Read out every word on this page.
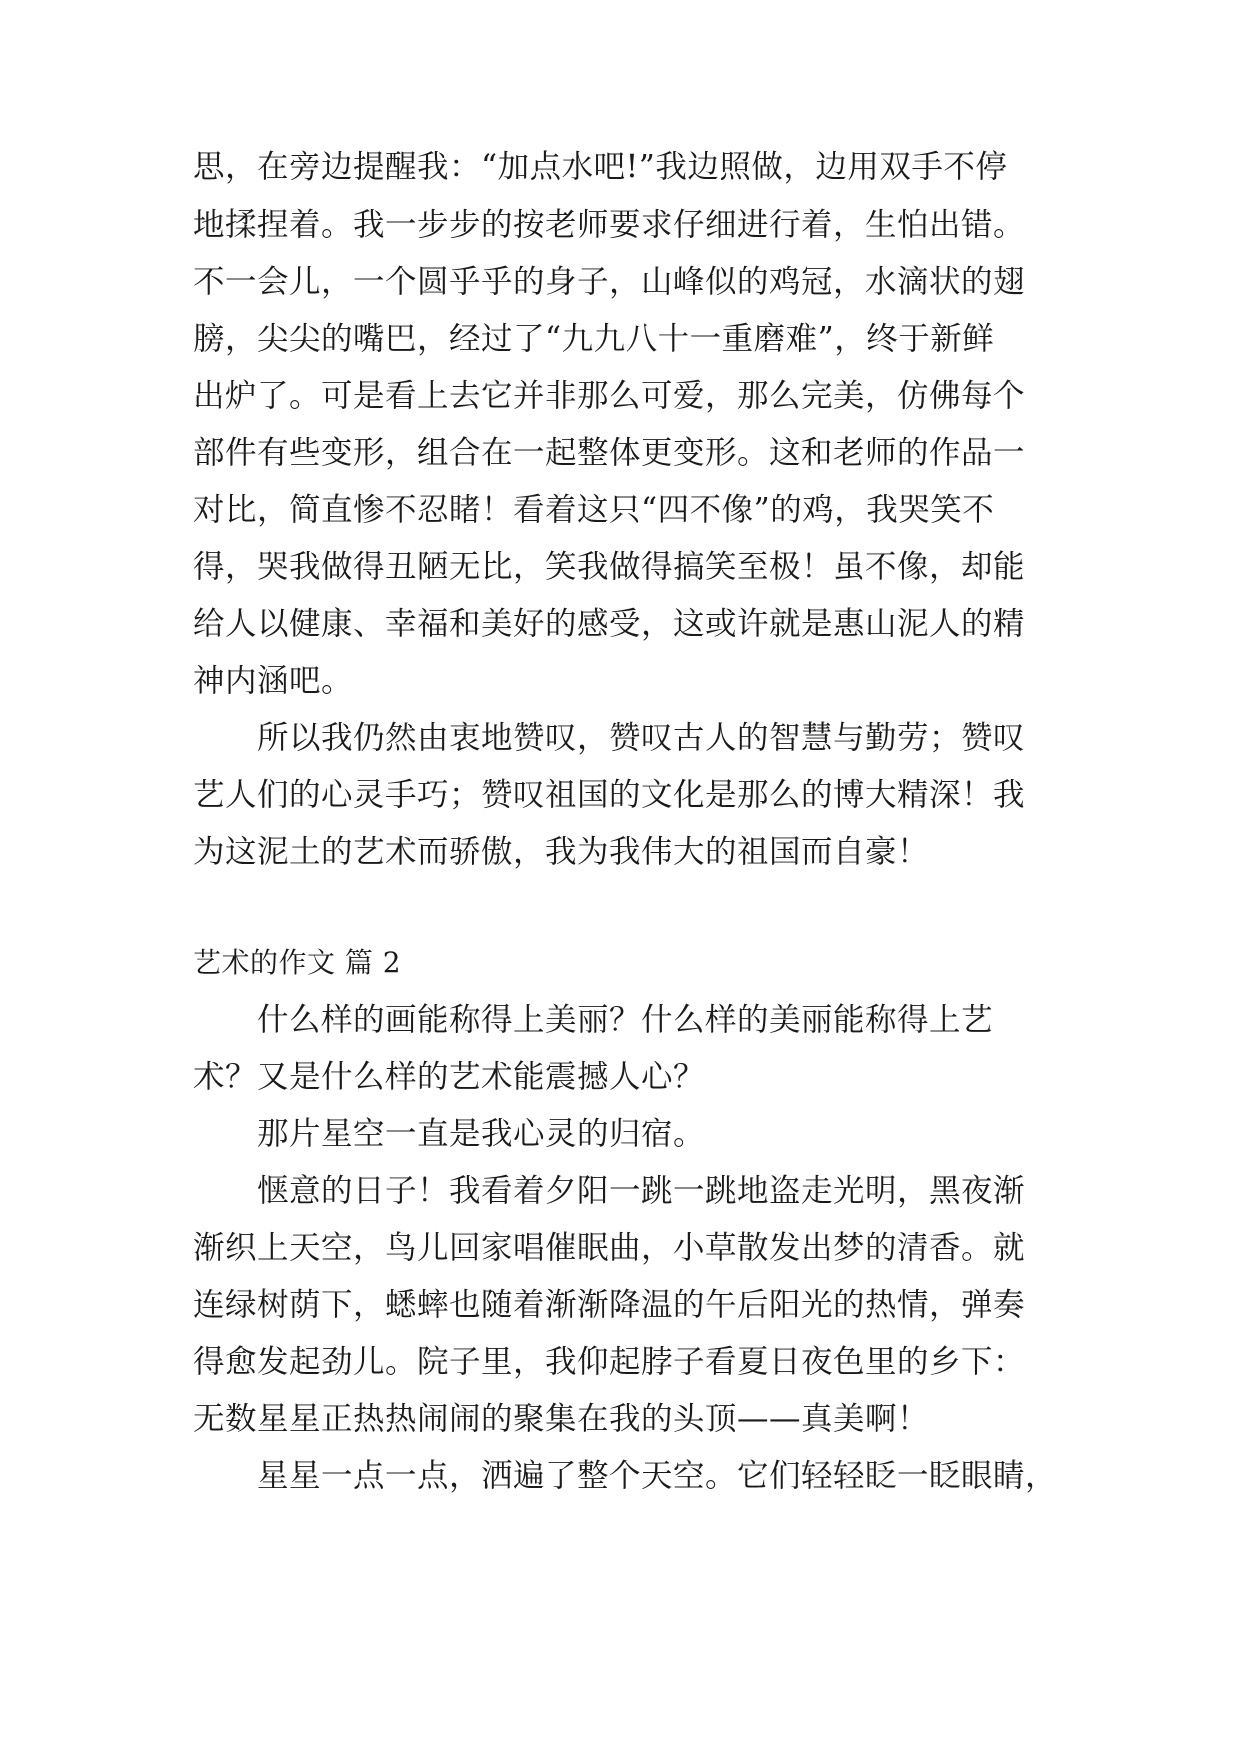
思，在旁边提醒我：“加点水吧!”我边照做，边用双手不停

地揉捏着。我一步步的按老师要求仔细进行着，生怕出错。

不一会儿，一个圆乎乎的身子，山峰似的鸡冠，水滴状的翅

膀，尖尖的嘴巴，经过了“九九八十一重磨难”，终于新鲜

出炉了。可是看上去它并非那么可爱，那么完美，仿佛每个

部件有些变形，组合在一起整体更变形。这和老师的作品一

对比，简直惨不忍睹！看着这只“四不像”的鸡，我哭笑不

得，哭我做得丑陋无比，笑我做得搞笑至极！虽不像，却能

给人以健康、幸福和美好的感受，这或许就是惠山泥人的精

神内涵吧。

所以我仍然由衷地赞叹，赞叹古人的智慧与勤劳；赞叹

艺人们的心灵手巧；赞叹祖国的文化是那么的博大精深！我

为这泥土的艺术而骄傲，我为我伟大的祖国而自豪！

艺术的作文 篇 2

什么样的画能称得上美丽？什么样的美丽能称得上艺

术？又是什么样的艺术能震撼人心？

那片星空一直是我心灵的归宿。

惬意的日子！我看着夕阳一跳一跳地盗走光明，黑夜渐

渐织上天空，鸟儿回家唱催眠曲，小草散发出梦的清香。就

连绿树荫下，蟋蟀也随着渐渐降温的午后阳光的热情，弹奏

得愈发起劲儿。院子里，我仰起脖子看夏日夜色里的乡下：

无数星星正热热闹闹的聚集在我的头顶——真美啊！

星星一点一点，洒遍了整个天空。它们轻轻眨一眨眼睛，
